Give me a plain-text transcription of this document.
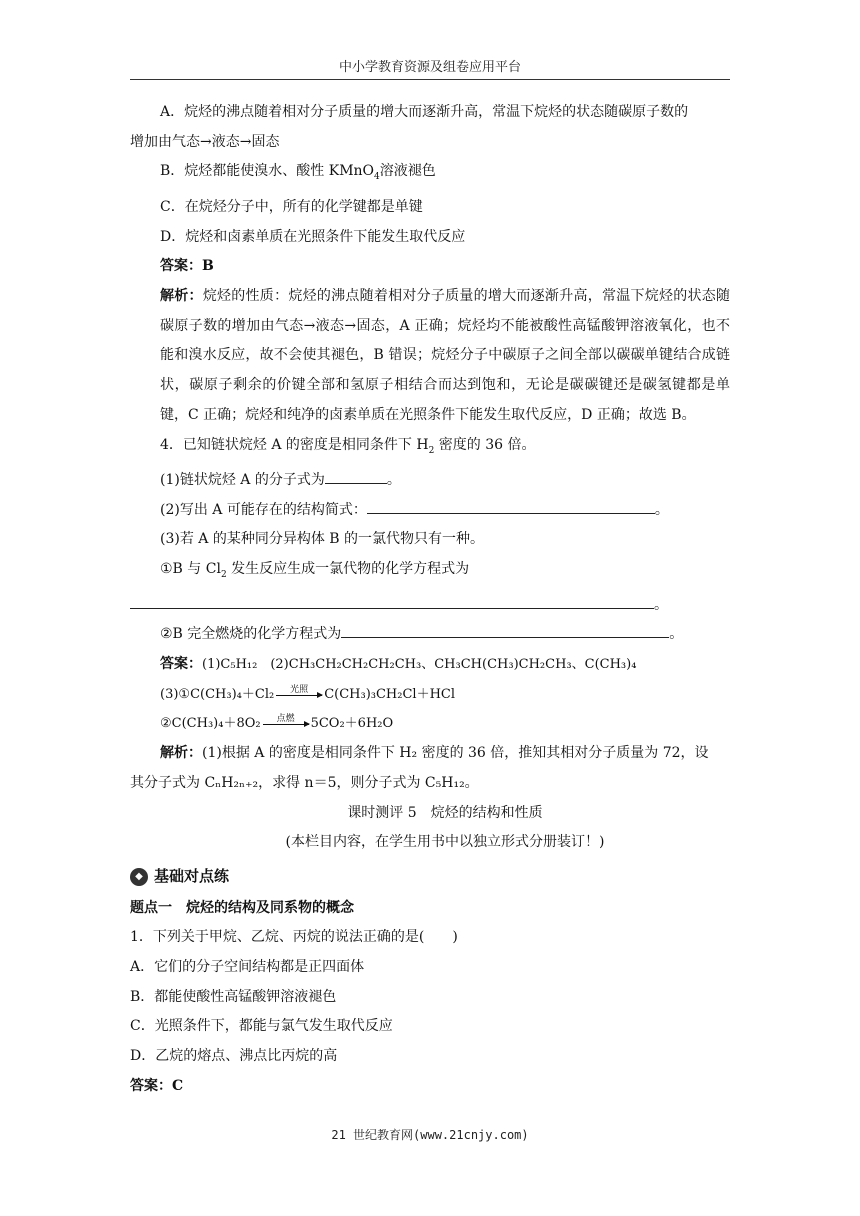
中小学教育资源及组卷应用平台
A．烷烃的沸点随着相对分子质量的增大而逐渐升高，常温下烷烃的状态随碳原子数的
增加由气态→液态→固态
B．烷烃都能使溴水、酸性 KMnO$_4$溶液褪色
C．在烷烃分子中，所有的化学键都是单键
D．烷烃和卤素单质在光照条件下能发生取代反应
答案：B
解析：烷烃的性质：烷烃的沸点随着相对分子质量的增大而逐渐升高，常温下烷烃的状态随碳原子数的增加由气态→液态→固态，A 正确；烷烃均不能被酸性高锰酸钾溶液氧化，也不能和溴水反应，故不会使其褪色，B 错误；烷烃分子中碳原子之间全部以碳碳单键结合成链状，碳原子剩余的价键全部和氢原子相结合而达到饱和，无论是碳碳键还是碳氢键都是单键，C 正确；烷烃和纯净的卤素单质在光照条件下能发生取代反应，D 正确；故选 B。
4．已知链状烷烃 A 的密度是相同条件下 $H_2$ 密度的 36 倍。
(1)链状烷烃 A 的分子式为	。
(2)写出 A 可能存在的结构简式：	。
(3)若 A 的某种同分异构体 B 的一氯代物只有一种。
①B 与 $Cl_2$ 发生反应生成一氯代物的化学方程式为
。
②B 完全燃烧的化学方程式为	。
答案：(1)C₅H₁₂　(2)CH₃CH₂CH₂CH₂CH₃、CH₃CH(CH₃)CH₂CH₃、C(CH₃)₄
(3)①C(CH₃)₄＋Cl₂ 光照 C(CH₃)₃CH₂Cl＋HCl
②C(CH₃)₄＋8O₂ 点燃 5CO₂＋6H₂O
解析：(1)根据 A 的密度是相同条件下 H₂ 密度的 36 倍，推知其相对分子质量为 72，设
其分子式为 CₙH₂ₙ₊₂，求得 n＝5，则分子式为 C₅H₁₂。
课时测评 5　烷烃的结构和性质
(本栏目内容，在学生用书中以独立形式分册装订！)
◆ 基础对点练
题点一　烷烃的结构及同系物的概念
1．下列关于甲烷、乙烷、丙烷的说法正确的是(　　)
A．它们的分子空间结构都是正四面体
B．都能使酸性高锰酸钾溶液褪色
C．光照条件下，都能与氯气发生取代反应
D．乙烷的熔点、沸点比丙烷的高
答案：C
21 世纪教育网(www.21cnjy.com)
